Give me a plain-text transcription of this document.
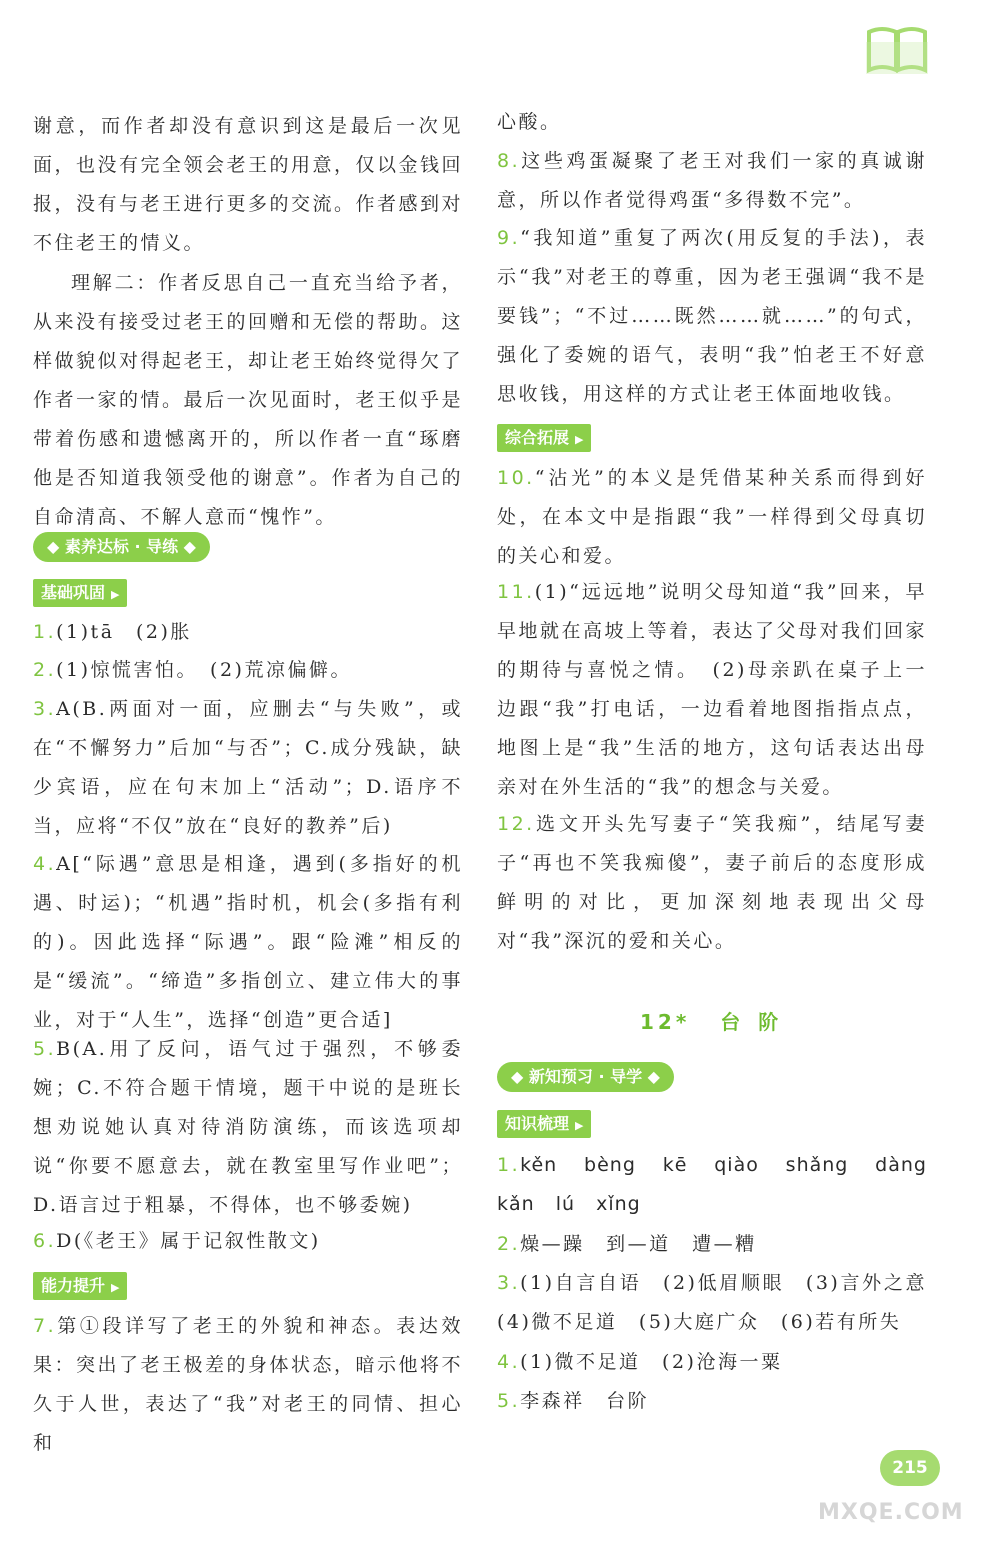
谢意，而作者却没有意识到这是最后一次见面，也没有完全领会老王的用意，仅以金钱回报，没有与老王进行更多的交流。作者感到对不住老王的情义。

理解二：作者反思自己一直充当给予者，从来没有接受过老王的回赠和无偿的帮助。这样做貌似对得起老王，却让老王始终觉得欠了作者一家的情。最后一次见面时，老王似乎是带着伤感和遗憾离开的，所以作者一直“琢磨他是否知道我领受他的谢意”。作者为自己的自命清高、不解人意而“愧怍”。

◆ 素养达标 · 导练 ◆
基础巩固 ▶

1.(1)tā　(2)胀

2.(1)惊慌害怕。　(2)荒凉偏僻。

3.A(B.两面对一面，应删去“与失败”，或在“不懈努力”后加“与否”；C.成分残缺，缺少宾语，应在句末加上“活动”；D.语序不当，应将“不仅”放在“良好的教养”后)

4.A[“际遇”意思是相逢，遇到(多指好的机遇、时运)；“机遇”指时机，机会(多指有利的)。因此选择“际遇”。跟“险滩”相反的是“缓流”。“缔造”多指创立、建立伟大的事业，对于“人生”，选择“创造”更合适]

5.B(A.用了反问，语气过于强烈，不够委婉；C.不符合题干情境，题干中说的是班长想劝说她认真对待消防演练，而该选项却说“你要不愿意去，就在教室里写作业吧”；D.语言过于粗暴，不得体，也不够委婉)

6.D(《老王》属于记叙性散文)

能力提升 ▶

7.第①段详写了老王的外貌和神态。表达效果：突出了老王极差的身体状态，暗示他将不久于人世，表达了“我”对老王的同情、担心和

心酸。

8.这些鸡蛋凝聚了老王对我们一家的真诚谢意，所以作者觉得鸡蛋“多得数不完”。

9.“我知道”重复了两次(用反复的手法)，表示“我”对老王的尊重，因为老王强调“我不是要钱”；“不过……既然……就……”的句式，强化了委婉的语气，表明“我”怕老王不好意思收钱，用这样的方式让老王体面地收钱。

综合拓展 ▶

10.“沾光”的本义是凭借某种关系而得到好处，在本文中是指跟“我”一样得到父母真切的关心和爱。

11.(1)“远远地”说明父母知道“我”回来，早早地就在高坡上等着，表达了父母对我们回家的期待与喜悦之情。　(2)母亲趴在桌子上一边跟“我”打电话，一边看着地图指指点点，地图上是“我”生活的地方，这句话表达出母亲对在外生活的“我”的想念与关爱。

12.选文开头先写妻子“笑我痴”，结尾写妻子“再也不笑我痴傻”，妻子前后的态度形成鲜明的对比，更加深刻地表现出父母对“我”深沉的爱和关心。

12* 台阶
◆ 新知预习 · 导学 ◆
知识梳理 ▶

1.kěn bèng kē qiào shǎng dàng kǎn lú xǐng

2.燥—躁　到—道　遭—糟

3.(1)自言自语　(2)低眉顺眼　(3)言外之意　(4)微不足道　(5)大庭广众　(6)若有所失

4.(1)微不足道　(2)沧海一粟

5.李森祥　台阶

215
MXQE.COM
